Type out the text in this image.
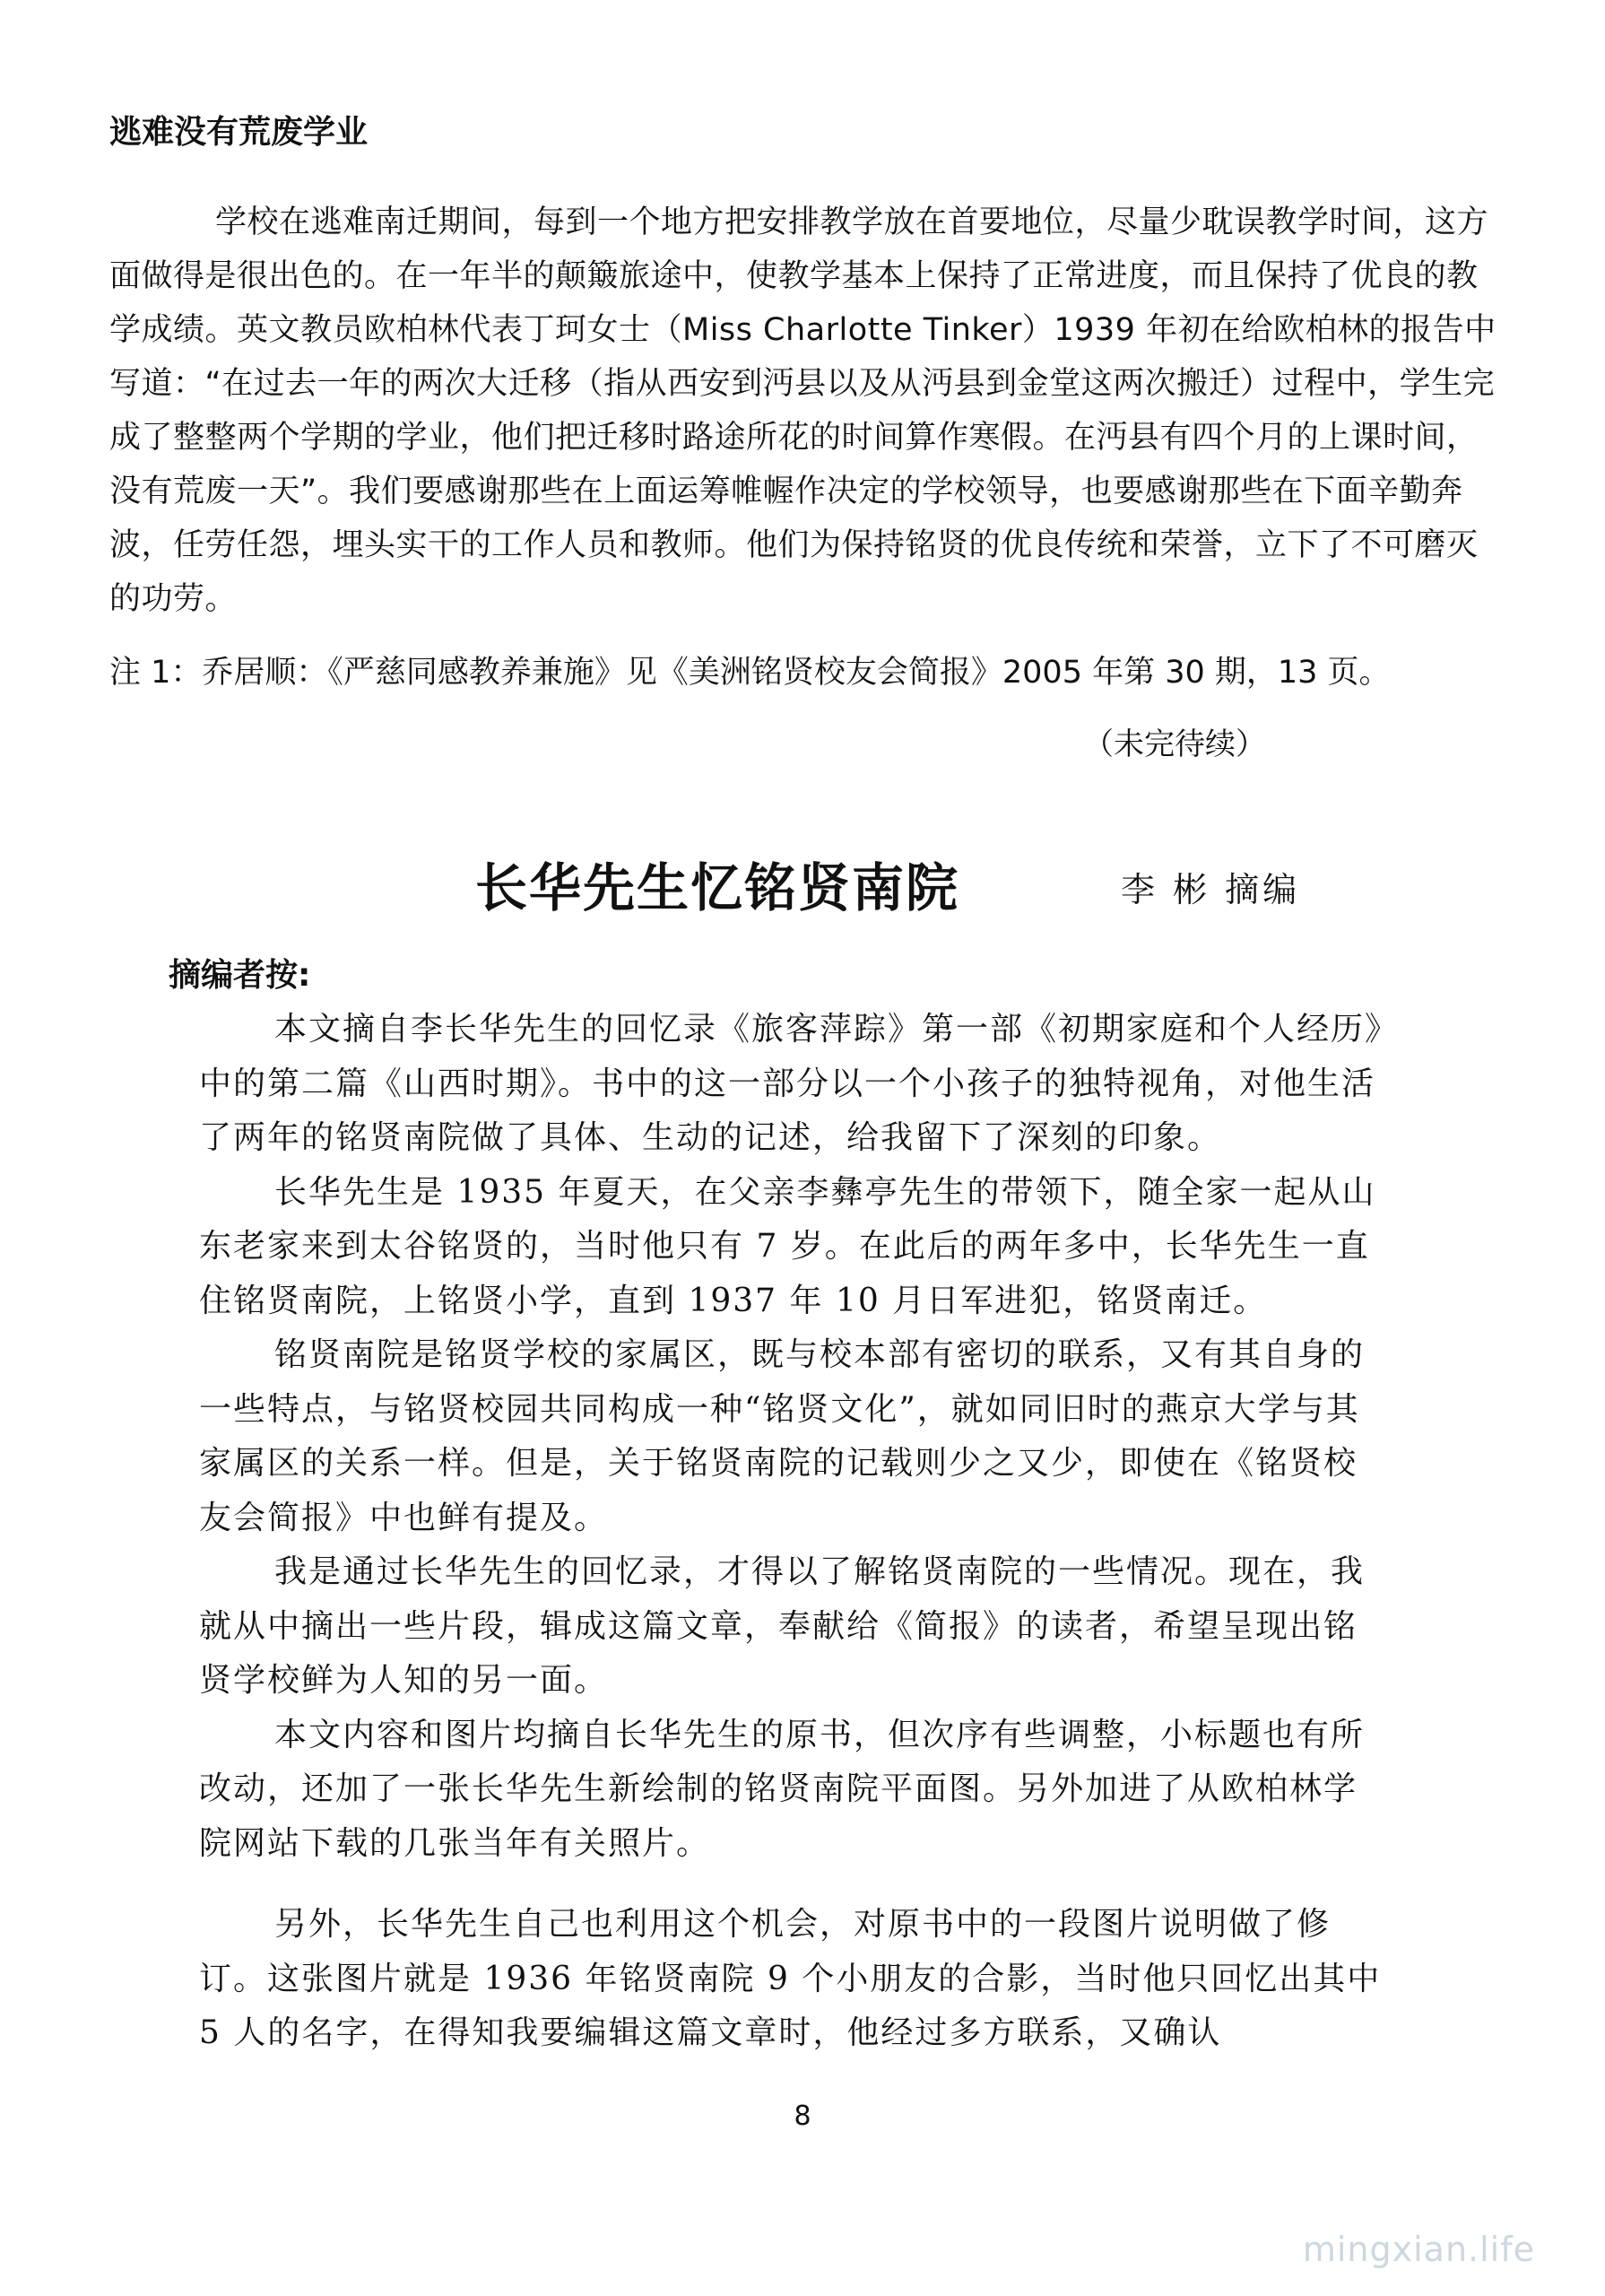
逃难没有荒废学业

学校在逃难南迁期间，每到一个地方把安排教学放在首要地位，尽量少耽误教学时间，这方面做得是很出色的。在一年半的颠簸旅途中，使教学基本上保持了正常进度，而且保持了优良的教学成绩。英文教员欧柏林代表丁珂女士（Miss Charlotte Tinker）1939 年初在给欧柏林的报告中写道：“在过去一年的两次大迁移（指从西安到沔县以及从沔县到金堂这两次搬迁）过程中，学生完成了整整两个学期的学业，他们把迁移时路途所花的时间算作寒假。在沔县有四个月的上课时间，没有荒废一天”。我们要感谢那些在上面运筹帷幄作决定的学校领导，也要感谢那些在下面辛勤奔波，任劳任怨，埋头实干的工作人员和教师。他们为保持铭贤的优良传统和荣誉，立下了不可磨灭的功劳。

注 1：乔居顺：《严慈同感教养兼施》见《美洲铭贤校友会简报》2005 年第 30 期，13 页。
（未完待续）
长华先生忆铭贤南院	李 彬 摘编
摘编者按:

本文摘自李长华先生的回忆录《旅客萍踪》第一部《初期家庭和个人经历》中的第二篇《山西时期》。书中的这一部分以一个小孩子的独特视角，对他生活了两年的铭贤南院做了具体、生动的记述，给我留下了深刻的印象。

长华先生是 1935 年夏天，在父亲李彝亭先生的带领下，随全家一起从山东老家来到太谷铭贤的，当时他只有 7 岁。在此后的两年多中，长华先生一直住铭贤南院，上铭贤小学，直到 1937 年 10 月日军进犯，铭贤南迁。

铭贤南院是铭贤学校的家属区，既与校本部有密切的联系，又有其自身的一些特点，与铭贤校园共同构成一种“铭贤文化”，就如同旧时的燕京大学与其家属区的关系一样。但是，关于铭贤南院的记载则少之又少，即使在《铭贤校友会简报》中也鲜有提及。

我是通过长华先生的回忆录，才得以了解铭贤南院的一些情况。现在，我就从中摘出一些片段，辑成这篇文章，奉献给《简报》的读者，希望呈现出铭贤学校鲜为人知的另一面。

本文内容和图片均摘自长华先生的原书，但次序有些调整，小标题也有所改动，还加了一张长华先生新绘制的铭贤南院平面图。另外加进了从欧柏林学院网站下载的几张当年有关照片。

另外，长华先生自己也利用这个机会，对原书中的一段图片说明做了修订。这张图片就是 1936 年铭贤南院 9 个小朋友的合影，当时他只回忆出其中 5 人的名字，在得知我要编辑这篇文章时，他经过多方联系，又确认

8
mingxian.life
